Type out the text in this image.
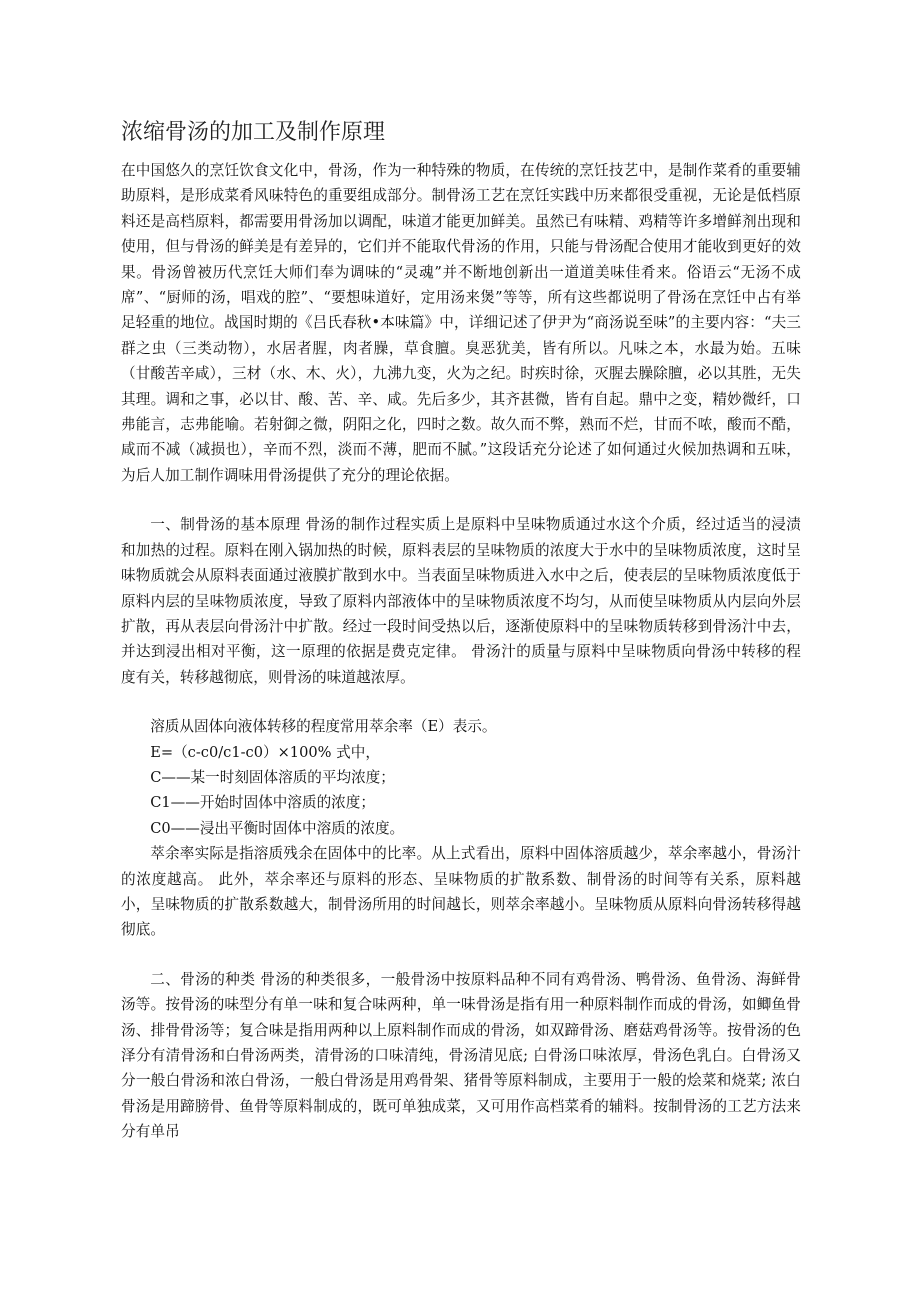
浓缩骨汤的加工及制作原理

在中国悠久的烹饪饮食文化中，骨汤，作为一种特殊的物质，在传统的烹饪技艺中，是制作菜肴的重要辅助原料，是形成菜肴风味特色的重要组成部分。制骨汤工艺在烹饪实践中历来都很受重视，无论是低档原料还是高档原料，都需要用骨汤加以调配，味道才能更加鲜美。虽然已有味精、鸡精等许多增鲜剂出现和使用，但与骨汤的鲜美是有差异的，它们并不能取代骨汤的作用，只能与骨汤配合使用才能收到更好的效果。骨汤曾被历代烹饪大师们奉为调味的“灵魂”并不断地创新出一道道美味佳肴来。俗语云“无汤不成席”、“厨师的汤，唱戏的腔”、“要想味道好，定用汤来煲”等等，所有这些都说明了骨汤在烹饪中占有举足轻重的地位。战国时期的《吕氏春秋•本味篇》中，详细记述了伊尹为“商汤说至味”的主要内容：“夫三群之虫（三类动物），水居者腥，肉者臊，草食膻。臭恶犹美，皆有所以。凡味之本，水最为始。五味（甘酸苦辛咸），三材（水、木、火），九沸九变，火为之纪。时疾时徐，灭腥去臊除膻，必以其胜，无失其理。调和之事，必以甘、酸、苦、辛、咸。先后多少，其齐甚微，皆有自起。鼎中之变，精妙微纤，口弗能言，志弗能喻。若射御之微，阴阳之化，四时之数。故久而不弊，熟而不烂，甘而不哝，酸而不酷，咸而不减（减损也），辛而不烈，淡而不薄，肥而不腻。”这段话充分论述了如何通过火候加热调和五味，为后人加工制作调味用骨汤提供了充分的理论依据。

一、制骨汤的基本原理 骨汤的制作过程实质上是原料中呈味物质通过水这个介质，经过适当的浸渍和加热的过程。原料在刚入锅加热的时候，原料表层的呈味物质的浓度大于水中的呈味物质浓度，这时呈味物质就会从原料表面通过液膜扩散到水中。当表面呈味物质进入水中之后，使表层的呈味物质浓度低于原料内层的呈味物质浓度，导致了原料内部液体中的呈味物质浓度不均匀，从而使呈味物质从内层向外层扩散，再从表层向骨汤汁中扩散。经过一段时间受热以后，逐渐使原料中的呈味物质转移到骨汤汁中去，并达到浸出相对平衡，这一原理的依据是费克定律。 骨汤汁的质量与原料中呈味物质向骨汤中转移的程度有关，转移越彻底，则骨汤的味道越浓厚。

溶质从固体向液体转移的程度常用萃余率（E）表示。

E=（c-c0/c1-c0）×100% 式中，

C——某一时刻固体溶质的平均浓度；

C1——开始时固体中溶质的浓度；

C0——浸出平衡时固体中溶质的浓度。

萃余率实际是指溶质残余在固体中的比率。从上式看出，原料中固体溶质越少，萃余率越小，骨汤汁的浓度越高。 此外，萃余率还与原料的形态、呈味物质的扩散系数、制骨汤的时间等有关系，原料越小，呈味物质的扩散系数越大，制骨汤所用的时间越长，则萃余率越小。呈味物质从原料向骨汤转移得越彻底。

二、骨汤的种类 骨汤的种类很多，一般骨汤中按原料品种不同有鸡骨汤、鸭骨汤、鱼骨汤、海鲜骨汤等。按骨汤的味型分有单一味和复合味两种，单一味骨汤是指有用一种原料制作而成的骨汤，如鲫鱼骨汤、排骨骨汤等；复合味是指用两种以上原料制作而成的骨汤，如双蹄骨汤、磨菇鸡骨汤等。按骨汤的色泽分有清骨汤和白骨汤两类，清骨汤的口味清纯，骨汤清见底; 白骨汤口味浓厚，骨汤色乳白。白骨汤又分一般白骨汤和浓白骨汤，一般白骨汤是用鸡骨架、猪骨等原料制成，主要用于一般的烩菜和烧菜; 浓白骨汤是用蹄膀骨、鱼骨等原料制成的，既可单独成菜，又可用作高档菜肴的辅料。按制骨汤的工艺方法来分有单吊
